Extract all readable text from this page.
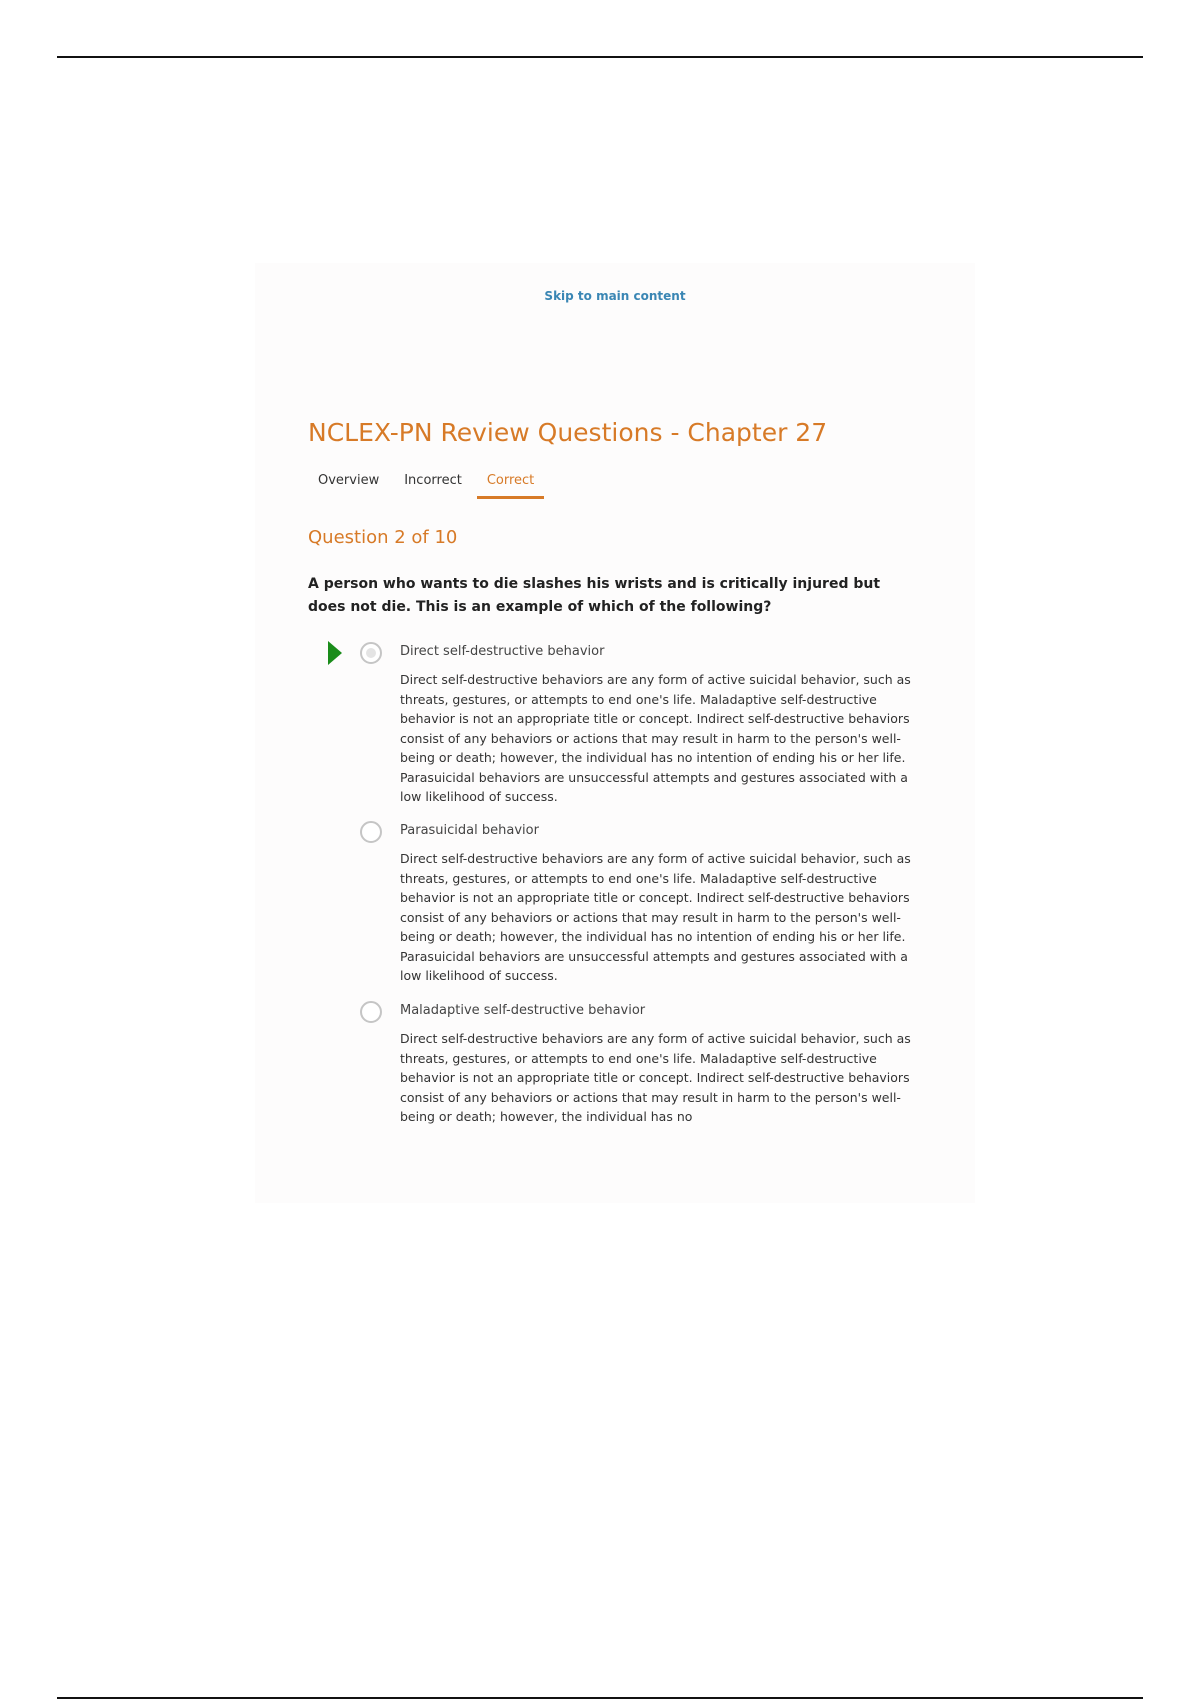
Skip to main content
NCLEX-PN Review Questions - Chapter 27
Overview	Incorrect	Correct
Question 2 of 10

A person who wants to die slashes his wrists and is critically injured but does not die. This is an example of which of the following?

Direct self-destructive behavior

Direct self-destructive behaviors are any form of active suicidal behavior, such as threats, gestures, or attempts to end one's life. Maladaptive self-destructive behavior is not an appropriate title or concept. Indirect self-destructive behaviors consist of any behaviors or actions that may result in harm to the person's well-being or death; however, the individual has no intention of ending his or her life. Parasuicidal behaviors are unsuccessful attempts and gestures associated with a low likelihood of success.

Parasuicidal behavior

Direct self-destructive behaviors are any form of active suicidal behavior, such as threats, gestures, or attempts to end one's life. Maladaptive self-destructive behavior is not an appropriate title or concept. Indirect self-destructive behaviors consist of any behaviors or actions that may result in harm to the person's well-being or death; however, the individual has no intention of ending his or her life. Parasuicidal behaviors are unsuccessful attempts and gestures associated with a low likelihood of success.

Maladaptive self-destructive behavior

Direct self-destructive behaviors are any form of active suicidal behavior, such as threats, gestures, or attempts to end one's life. Maladaptive self-destructive behavior is not an appropriate title or concept. Indirect self-destructive behaviors consist of any behaviors or actions that may result in harm to the person's well-being or death; however, the individual has no
